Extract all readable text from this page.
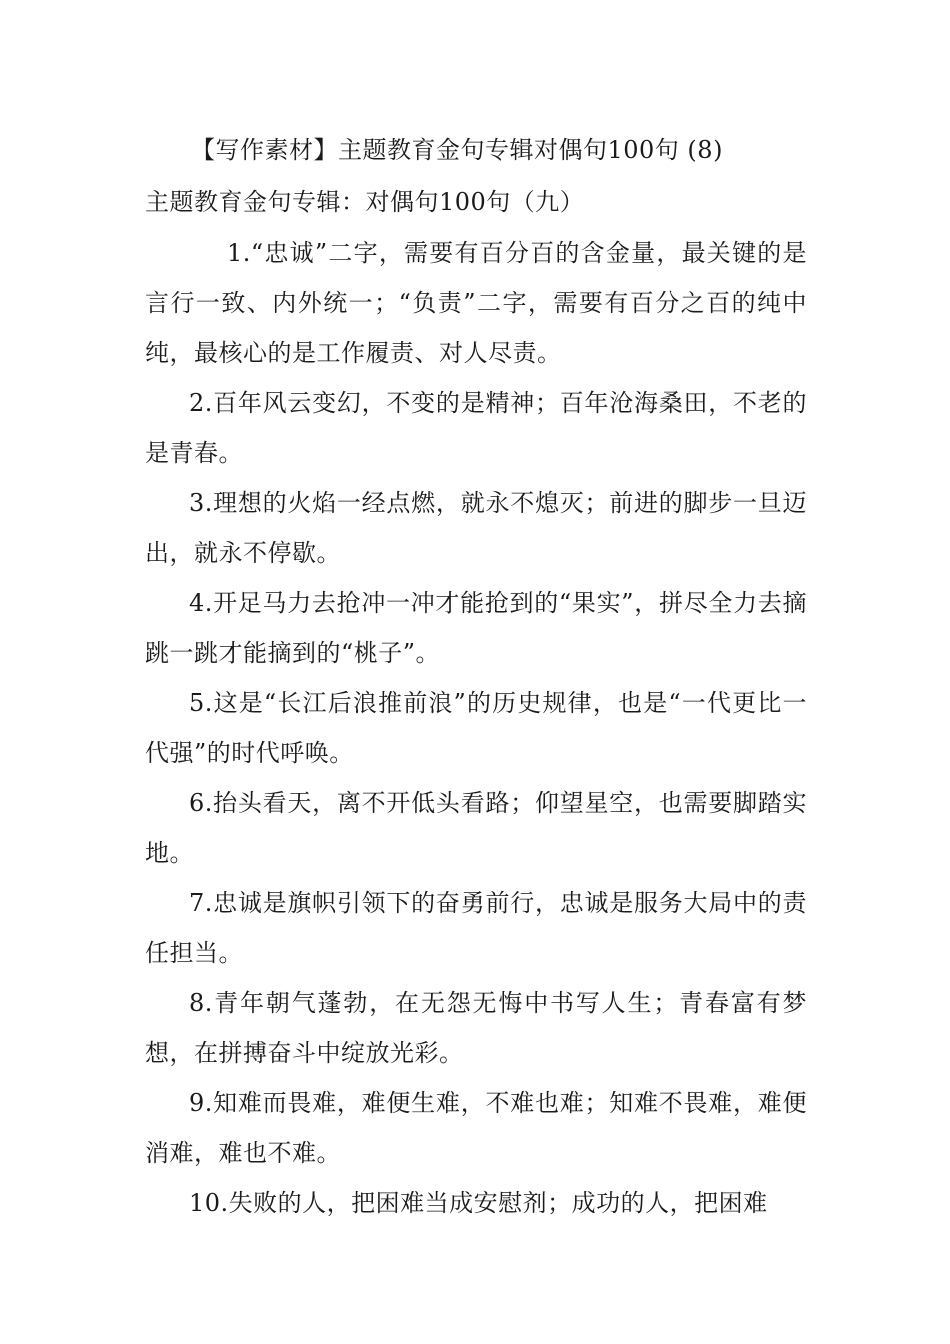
【写作素材】主题教育金句专辑对偶句100句 (8)
主题教育金句专辑：对偶句100句（九）

1.“忠诚”二字，需要有百分百的含金量，最关键的是言行一致、内外统一；“负责”二字，需要有百分之百的纯中纯，最核心的是工作履责、对人尽责。

2.百年风云变幻，不变的是精神；百年沧海桑田，不老的是青春。

3.理想的火焰一经点燃，就永不熄灭；前进的脚步一旦迈出，就永不停歇。

4.开足马力去抢冲一冲才能抢到的“果实”，拼尽全力去摘跳一跳才能摘到的“桃子”。

5.这是“长江后浪推前浪”的历史规律，也是“一代更比一代强”的时代呼唤。

6.抬头看天，离不开低头看路；仰望星空，也需要脚踏实地。

7.忠诚是旗帜引领下的奋勇前行，忠诚是服务大局中的责任担当。

8.青年朝气蓬勃，在无怨无悔中书写人生；青春富有梦想，在拼搏奋斗中绽放光彩。

9.知难而畏难，难便生难，不难也难；知难不畏难，难便消难，难也不难。

10.失败的人，把困难当成安慰剂；成功的人，把困难
